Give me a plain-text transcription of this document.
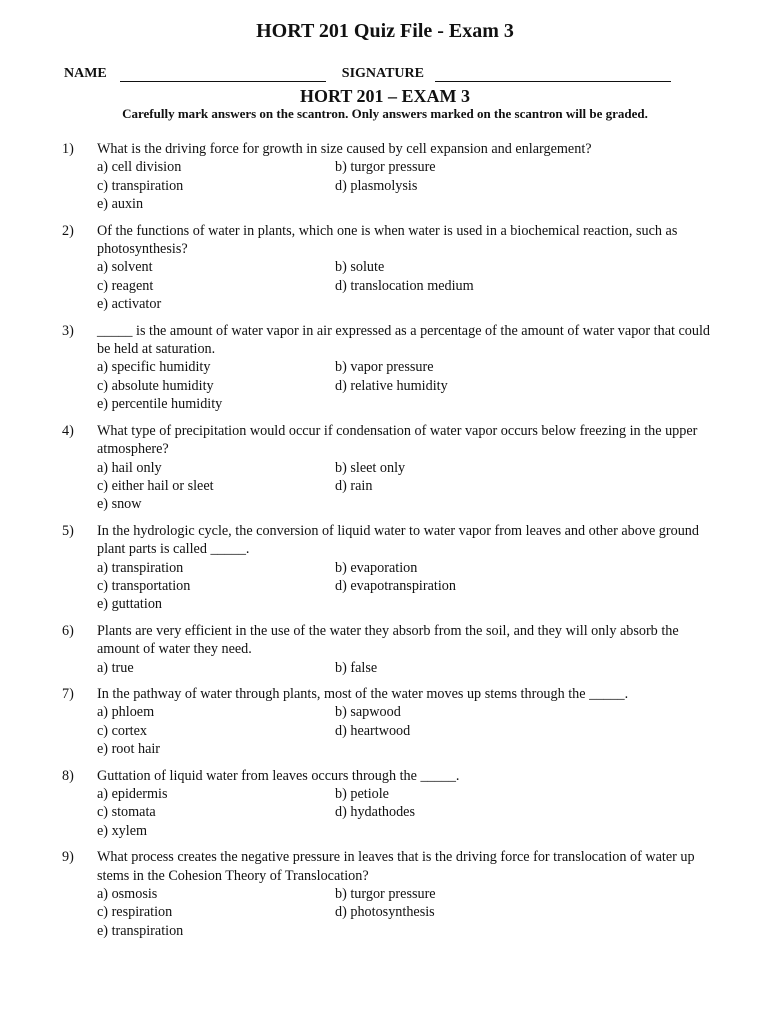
HORT 201 Quiz File - Exam 3
NAME	SIGNATURE
HORT 201 – EXAM 3
Carefully mark answers on the scantron. Only answers marked on the scantron will be graded.
1)	What is the driving force for growth in size caused by cell expansion and enlargement?
a) cell division	b) turgor pressure
c) transpiration	d) plasmolysis
e) auxin
2)	Of the functions of water in plants, which one is when water is used in a biochemical reaction, such as photosynthesis?
a) solvent	b) solute
c) reagent	d) translocation medium
e) activator
3)	_____ is the amount of water vapor in air expressed as a percentage of the amount of water vapor that could be held at saturation.
a) specific humidity	b) vapor pressure
c) absolute humidity	d) relative humidity
e) percentile humidity
4)	What type of precipitation would occur if condensation of water vapor occurs below freezing in the upper atmosphere?
a) hail only	b) sleet only
c) either hail or sleet	d) rain
e) snow
5)	In the hydrologic cycle, the conversion of liquid water to water vapor from leaves and other above ground plant parts is called _____.
a) transpiration	b) evaporation
c) transportation	d) evapotranspiration
e) guttation
6)	Plants are very efficient in the use of the water they absorb from the soil, and they will only absorb the amount of water they need.
a) true	b) false
7)	In the pathway of water through plants, most of the water moves up stems through the _____.
a) phloem	b) sapwood
c) cortex	d) heartwood
e) root hair
8)	Guttation of liquid water from leaves occurs through the _____.
a) epidermis	b) petiole
c) stomata	d) hydathodes
e) xylem
9)	What process creates the negative pressure in leaves that is the driving force for translocation of water up stems in the Cohesion Theory of Translocation?
a) osmosis	b) turgor pressure
c) respiration	d) photosynthesis
e) transpiration
